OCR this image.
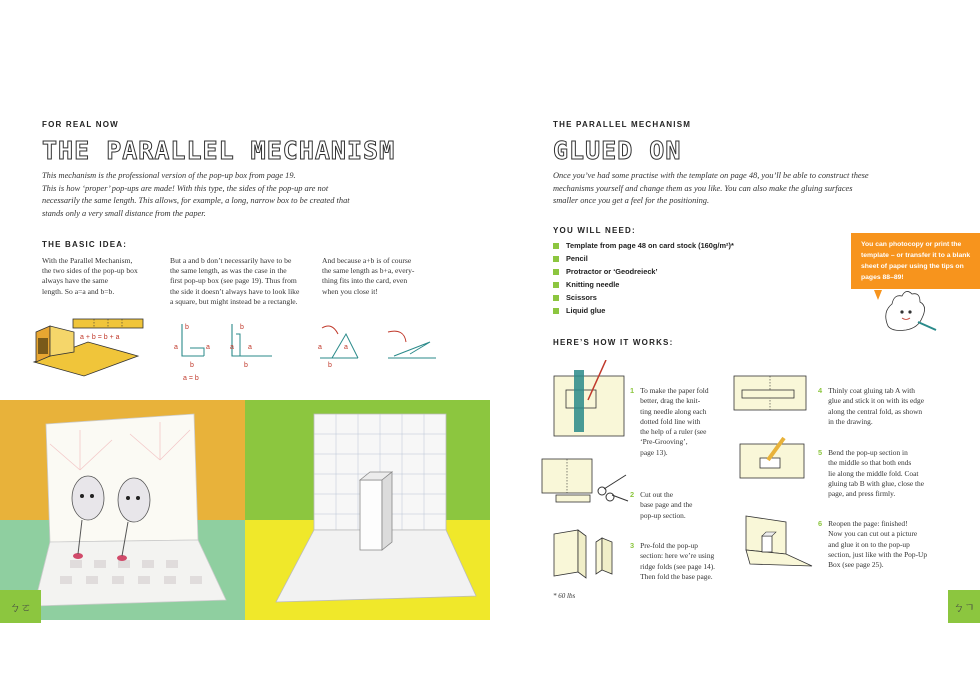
FOR REAL NOW
THE PARALLEL MECHANISM
This mechanism is the professional version of the pop-up box from page 19.
This is how ‘proper’ pop-ups are made! With this type, the sides of the pop-up are not
necessarily the same length. This allows, for example, a long, narrow box to be created that
stands only a very small distance from the paper.
THE BASIC IDEA:
With the Parallel Mechanism,
the two sides of the pop-up box
always have the same
length. So a=a and b=b.
But a and b don’t necessarily have to be
the same length, as was the case in the
first pop-up box (see page 19). Thus from
the side it doesn’t always have to look like
a square, but might instead be a rectangle.
And because a+b is of course
the same length as b+a, every-
thing fits into the card, even
when you close it!
a + b = b + a
b
a	a
b
a = b
b
a a
b
a	a
b
ㄅㄛ
THE PARALLEL MECHANISM
GLUED ON
Once you’ve had some practise with the template on page 48, you’ll be able to construct these
mechanisms yourself and change them as you like. You can also make the gluing surfaces
smaller once you get a feel for the positioning.
YOU WILL NEED:
Template from page 48 on card stock (160g/m²)*
Pencil
Protractor or ‘Geodreieck’
Knitting needle
Scissors
Liquid glue
You can photocopy or print the
template – or transfer it to a blank
sheet of paper using the tips on
pages 88–89!
HERE’S HOW IT WORKS:
1 To make the paper fold
better, drag the knit-
ting needle along each
dotted fold line with
the help of a ruler (see
‘Pre-Grooving’,
page 13).
2 Cut out the
base page and the
pop-up section.
3 Pre-fold the pop-up
section: here we’re using
ridge folds (see page 14).
Then fold the base page.
4 Thinly coat gluing tab A with
glue and stick it on with its edge
along the central fold, as shown
in the drawing.
5 Bend the pop-up section in
the middle so that both ends
lie along the middle fold. Coat
gluing tab B with glue, close the
page, and press firmly.
6 Reopen the page: finished!
Now you can cut out a picture
and glue it on to the pop-up
section, just like with the Pop-Up
Box (see page 25).
* 60 lbs
ㄅㄱ
